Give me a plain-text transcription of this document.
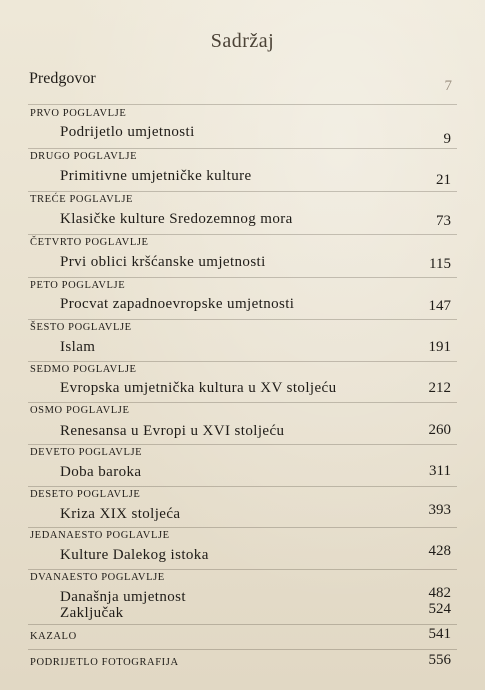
Sadržaj
Predgovor	7
PRVO POGLAVLJE
Podrijetlo umjetnosti	9
DRUGO POGLAVLJE
Primitivne umjetničke kulture	21
TREĆE POGLAVLJE
Klasičke kulture Sredozemnog mora	73
ČETVRTO POGLAVLJE
Prvi oblici kršćanske umjetnosti	115
PETO POGLAVLJE
Procvat zapadnoevropske umjetnosti	147
ŠESTO POGLAVLJE
Islam	191
SEDMO POGLAVLJE
Evropska umjetnička kultura u XV stoljeću	212
OSMO POGLAVLJE
Renesansa u Evropi u XVI stoljeću	260
DEVETO POGLAVLJE
Doba baroka	311
DESETO POGLAVLJE
Kriza XIX stoljeća	393
JEDANAESTO POGLAVLJE
Kulture Dalekog istoka	428
DVANAESTO POGLAVLJE
Današnja umjetnost	482
Zaključak	524
KAZALO	541
PODRIJETLO FOTOGRAFIJA	556
